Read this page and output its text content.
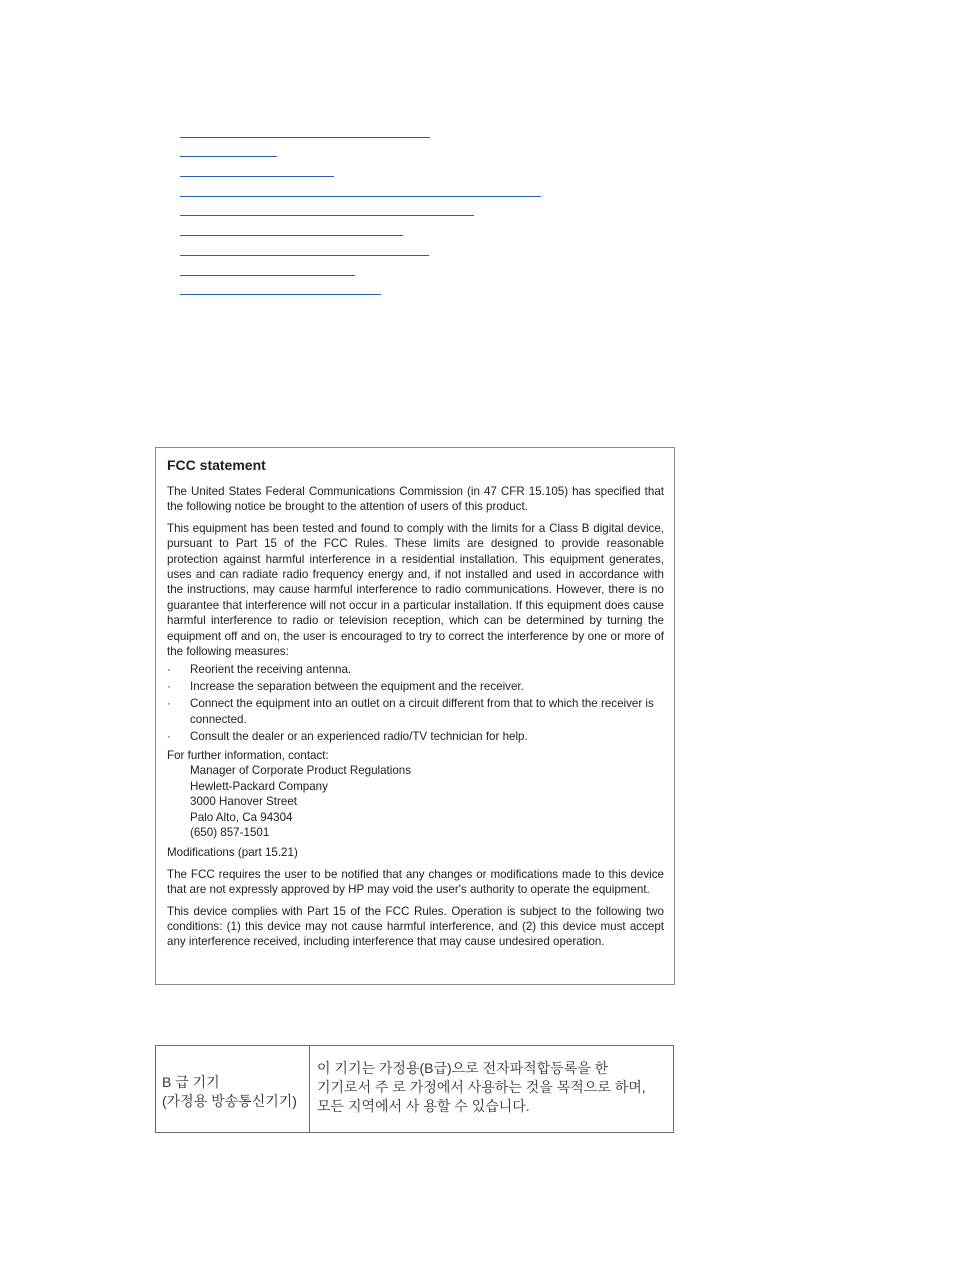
FCC statement

The United States Federal Communications Commission (in 47 CFR 15.105) has specified that the following notice be brought to the attention of users of this product.

This equipment has been tested and found to comply with the limits for a Class B digital device, pursuant to Part 15 of the FCC Rules. These limits are designed to provide reasonable protection against harmful interference in a residential installation. This equipment generates, uses and can radiate radio frequency energy and, if not installed and used in accordance with the instructions, may cause harmful interference to radio communications. However, there is no guarantee that interference will not occur in a particular installation. If this equipment does cause harmful interference to radio or television reception, which can be determined by turning the equipment off and on, the user is encouraged to try to correct the interference by one or more of the following measures:

· Reorient the receiving antenna.
· Increase the separation between the equipment and the receiver.
· Connect the equipment into an outlet on a circuit different from that to which the receiver is connected.
· Consult the dealer or an experienced radio/TV technician for help.

For further information, contact:

Manager of Corporate Product Regulations
Hewlett-Packard Company
3000 Hanover Street
Palo Alto, Ca 94304
(650) 857-1501

Modifications (part 15.21)

The FCC requires the user to be notified that any changes or modifications made to this device that are not expressly approved by HP may void the user's authority to operate the equipment.

This device complies with Part 15 of the FCC Rules. Operation is subject to the following two conditions: (1) this device may not cause harmful interference, and (2) this device must accept any interference received, including interference that may cause undesired operation.

B 급 기기
(가정용 방송통신기기)
이 기기는 가정용(B급)으로 전자파적합등록을 한
기기로서 주 로 가정에서 사용하는 것을 목적으로 하며,
모든 지역에서 사 용할 수 있습니다.
